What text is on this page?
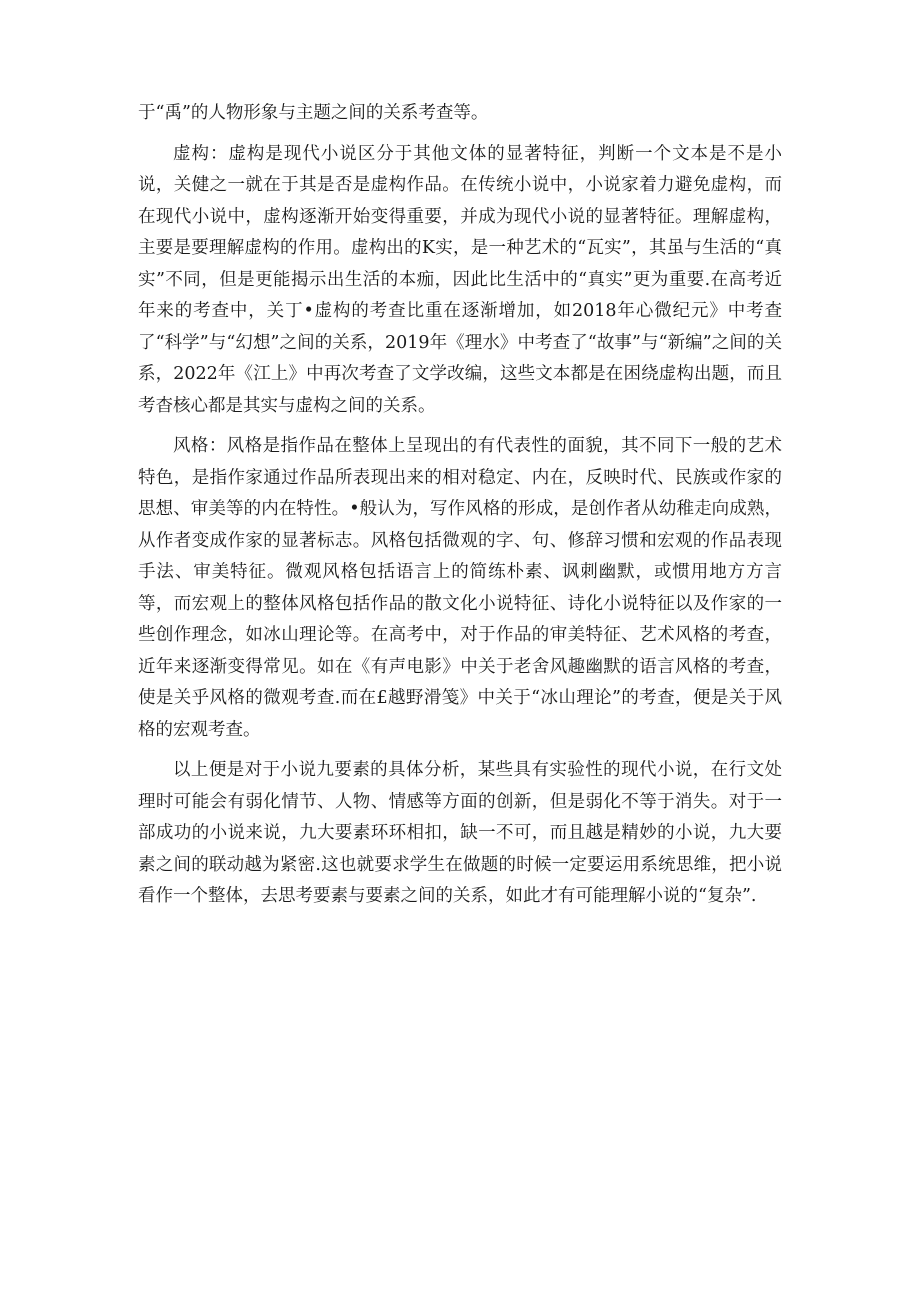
于“禹”的人物形象与主题之间的关系考查等。

虚构：虚构是现代小说区分于其他文体的显著特征，判断一个文本是不是小说，关健之一就在于其是否是虚构作品。在传统小说中，小说家着力避免虚构，而在现代小说中，虚构逐渐开始变得重要，并成为现代小说的显著特征。理解虚构，主要是要理解虚构的作用。虚构出的K实，是一种艺术的“瓦实”，其虽与生活的“真实”不同，但是更能揭示出生活的本痂，因此比生活中的“真实”更为重要.在高考近年来的考查中，关丁•虚构的考查比重在逐渐增加，如2018年心微纪元》中考查了“科学”与“幻想”之间的关系，2019年《理水》中考查了“故事”与“新编”之间的关系，2022年《江上》中再次考查了文学改编，这些文本都是在困绕虚构出题，而且考杳核心都是其实与虚构之间的关系。

风格：风格是指作品在整体上呈现出的有代表性的面貌，其不同下一般的艺术特色，是指作家通过作品所表现出来的相对稳定、内在，反映时代、民族或作家的思想、审美等的内在特性。•般认为，写作风格的形成，是创作者从幼稚走向成熟，从作者变成作家的显著标志。风格包括微观的字、句、修辞习惯和宏观的作品表现手法、审美特征。微观风格包括语言上的简练朴素、讽刺幽默，或惯用地方方言等，而宏观上的整体风格包括作品的散文化小说特征、诗化小说特征以及作家的一些创作理念，如冰山理论等。在高考中，对于作品的审美特征、艺术风格的考查，近年来逐渐变得常见。如在《有声电影》中关于老舍风趣幽默的语言风格的考查，使是关乎风格的微观考查.而在£越野滑笺》中关于“冰山理论”的考查，便是关于风格的宏观考查。

以上便是对于小说九要素的具体分析，某些具有实验性的现代小说，在行文处理时可能会有弱化情节、人物、情感等方面的创新，但是弱化不等于消失。对于一部成功的小说来说，九大要素环环相扣，缺一不可，而且越是精妙的小说，九大要素之间的联动越为紧密.这也就要求学生在做题的时候一定要运用系统思维，把小说看作一个整体，去思考要素与要素之间的关系，如此才有可能理解小说的“复杂”.
